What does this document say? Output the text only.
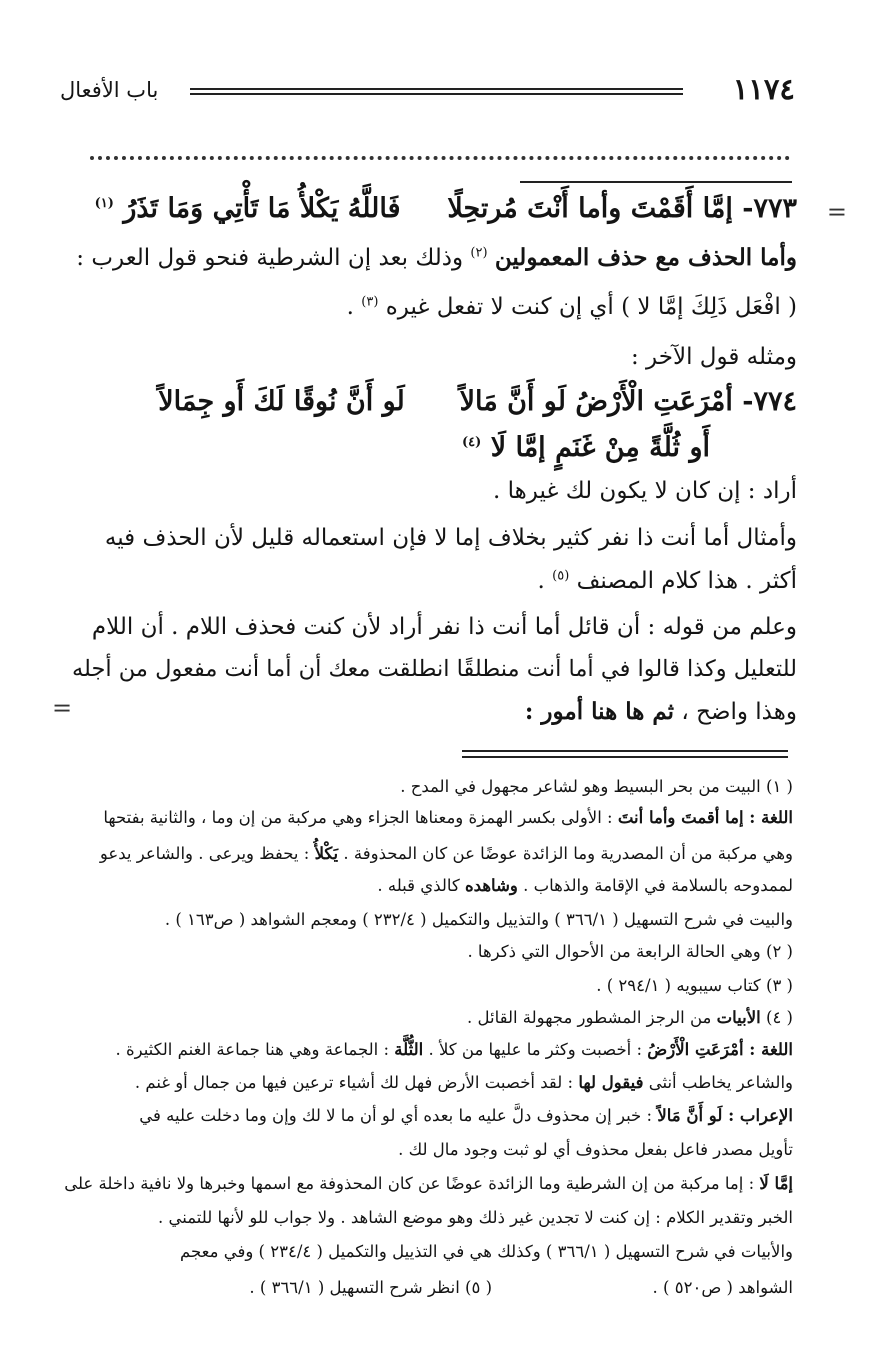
١١٧٤
باب الأفعال
=
=
٧٧٣- إمَّا أَقَمْتَ وأما أَنْتَ مُرتحِلًا  فَاللَّهُ يَكْلأُ مَا تَأْتِي وَمَا تَذَرُ $^{(١)}$
وأما الحذف مع حذف المعمولين $^{(٢)}$ وذلك بعد إن الشرطية فنحو قول العرب :
( افْعَل ذَلِكَ إمَّا لا ) أي إن كنت لا تفعل غيره $^{(٣)}$ .
ومثله قول الآخر :
٧٧٤- أمْرَعَتِ الْأَرْضُ لَو أَنَّ مَالاً  لَو أَنَّ نُوقًا لَكَ أَو جِمَالاً
أَو ثُلَّةً مِنْ غَنَمٍ إمَّا لَا $^{(٤)}$
أراد : إن كان لا يكون لك غيرها .
وأمثال أما أنت ذا نفر كثير بخلاف إما لا فإن استعماله قليل لأن الحذف فيه
أكثر . هذا كلام المصنف $^{(٥)}$ .
وعلم من قوله : أن قائل أما أنت ذا نفر أراد لأن كنت فحذف اللام . أن اللام
للتعليل وكذا قالوا في أما أنت منطلقًا انطلقت معك أن أما أنت مفعول من أجله
وهذا واضح ، ثم ها هنا أمور :
( ١) البيت من بحر البسيط وهو لشاعر مجهول في المدح .
اللغة : إما أقمتَ وأما أنتَ : الأولى بكسر الهمزة ومعناها الجزاء وهي مركبة من إن وما ، والثانية بفتحها
وهي مركبة من أن المصدرية وما الزائدة عوضًا عن كان المحذوفة . يَكْلأُ : يحفظ ويرعى . والشاعر يدعو
لممدوحه بالسلامة في الإقامة والذهاب . وشاهده كالذي قبله .
والبيت في شرح التسهيل ( ٣٦٦/١ ) والتذييل والتكميل ( ٢٣٢/٤ ) ومعجم الشواهد ( ص١٦٣ ) .
( ٢) وهي الحالة الرابعة من الأحوال التي ذكرها .
( ٣) كتاب سيبويه ( ٢٩٤/١ ) .
( ٤) الأبيات من الرجز المشطور مجهولة القائل .
اللغة : أمْرَعَتِ الْأَرْضُ : أخصبت وكثر ما عليها من كلأ . الثُّلَّة : الجماعة وهي هنا جماعة الغنم الكثيرة .
والشاعر يخاطب أنثى فيقول لها : لقد أخصبت الأرض فهل لك أشياء ترعين فيها من جمال أو غنم .
الإعراب : لَو أَنَّ مَالاً : خبر إن محذوف دلَّ عليه ما بعده أي لو أن ما لا لك وإن وما دخلت عليه في
تأويل مصدر فاعل بفعل محذوف أي لو ثبت وجود مال لك .
إمَّا لَا : إما مركبة من إن الشرطية وما الزائدة عوضًا عن كان المحذوفة مع اسمها وخبرها ولا نافية داخلة على
الخبر وتقدير الكلام : إن كنت لا تجدين غير ذلك وهو موضع الشاهد . ولا جواب للو لأنها للتمني .
والأبيات في شرح التسهيل ( ٣٦٦/١ ) وكذلك هي في التذييل والتكميل ( ٢٣٤/٤ ) وفي معجم
الشواهد ( ص٥٢٠ ) .  ( ٥) انظر شرح التسهيل ( ٣٦٦/١ ) .
